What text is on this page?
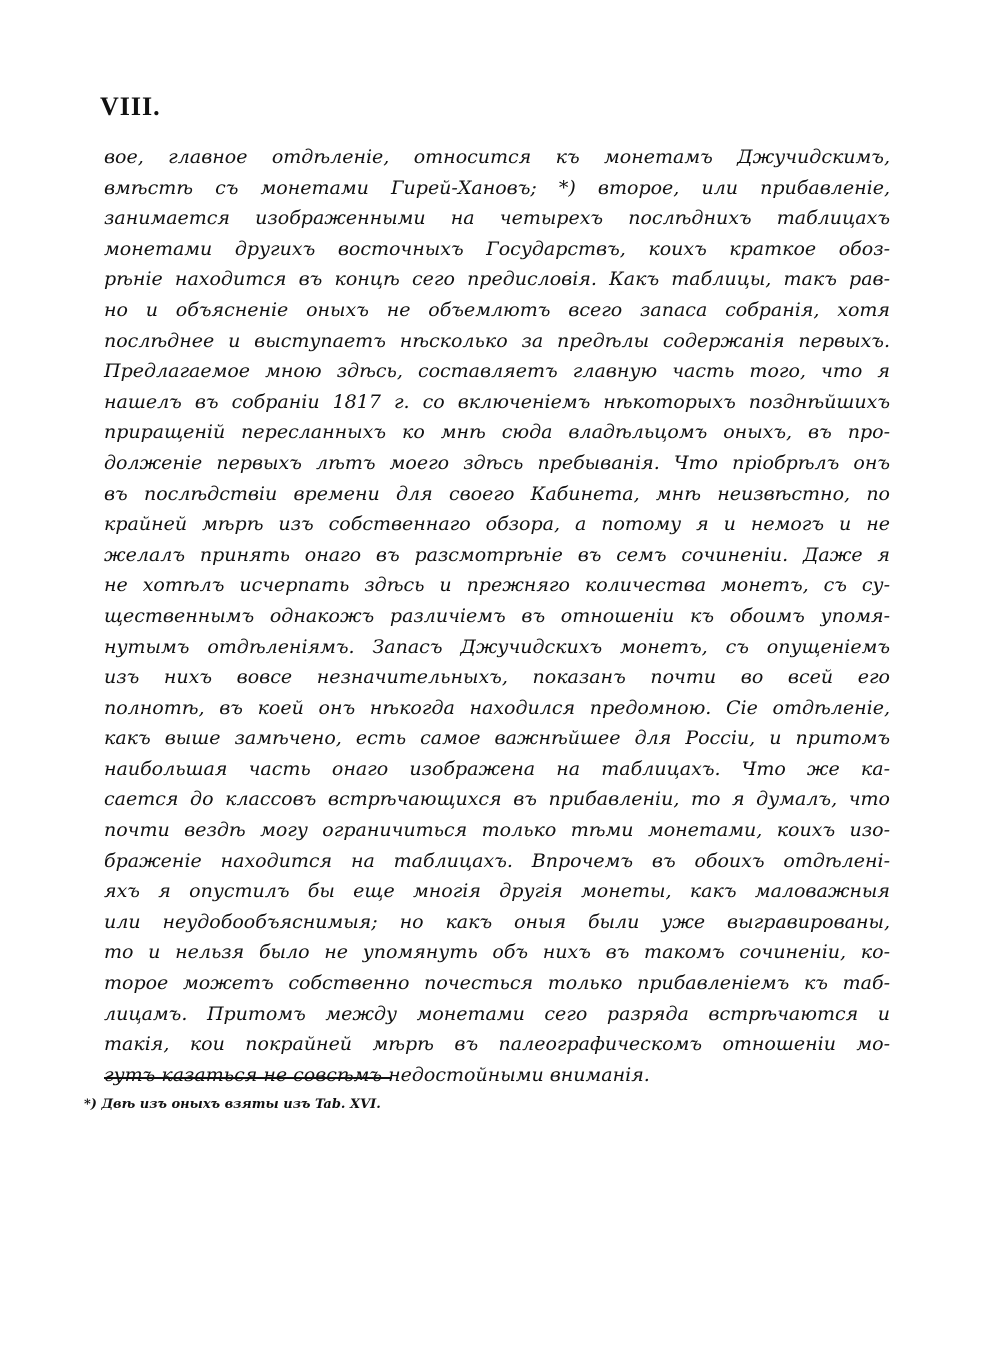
VIII.
вое, главное отдѣленіе, относится къ монетамъ Джучидскимъ,
вмѣстѣ съ монетами Гирей-Хановъ; *) второе, или прибавленіе,
занимается изображенными на четырехъ послѣднихъ таблицахъ
монетами другихъ восточныхъ Государствъ, коихъ краткое обоз-
рѣніе находится въ концѣ сего предисловія. Какъ таблицы, такъ рав-
но и объясненіе оныхъ не объемлютъ всего запаса собранія, хотя
послѣднее и выступаетъ нѣсколько за предѣлы содержанія первыхъ.
Предлагаемое мною здѣсь, составляетъ главную часть того, что я
нашелъ въ собраніи 1817 г. со включеніемъ нѣкоторыхъ позднѣйшихъ
приращеній пересланныхъ ко мнѣ сюда владѣльцомъ оныхъ, въ про-
долженіе первыхъ лѣтъ моего здѣсь пребыванія. Что пріобрѣлъ онъ
въ послѣдствіи времени для своего Кабинета, мнѣ неизвѣстно, по
крайней мѣрѣ изъ собственнаго обзора, а потому я и немогъ и не
желалъ принять онаго въ разсмотрѣніе въ семъ сочиненіи. Даже я
не хотѣлъ исчерпать здѣсь и прежняго количества монетъ, съ су-
щественнымъ однакожъ различіемъ въ отношеніи къ обоимъ упомя-
нутымъ отдѣленіямъ. Запасъ Джучидскихъ монетъ, съ опущеніемъ
изъ нихъ вовсе незначительныхъ, показанъ почти во всей его
полнотѣ, въ коей онъ нѣкогда находился предомною. Сіе отдѣленіе,
какъ выше замѣчено, есть самое важнѣйшее для Россіи, и притомъ
наибольшая часть онаго изображена на таблицахъ. Что же ка-
сается до классовъ встрѣчающихся въ прибавленіи, то я думалъ, что
почти вездѣ могу ограничиться только тѣми монетами, коихъ изо-
браженіе находится на таблицахъ. Впрочемъ въ обоихъ отдѣлені-
яхъ я опустилъ бы еще многія другія монеты, какъ маловажныя
или неудобообъяснимыя; но какъ оныя были уже выгравированы,
то и нельзя было не упомянуть объ нихъ въ такомъ сочиненіи, ко-
торое можетъ собственно почесться только прибавленіемъ къ таб-
лицамъ. Притомъ между монетами сего разряда встрѣчаются и
такія, кои покрайней мѣрѣ въ палеографическомъ отношеніи мо-
гутъ казаться не совсѣмъ недостойными вниманія.
*) Двѣ изъ оныхъ взяты изъ Tab. XVI.
